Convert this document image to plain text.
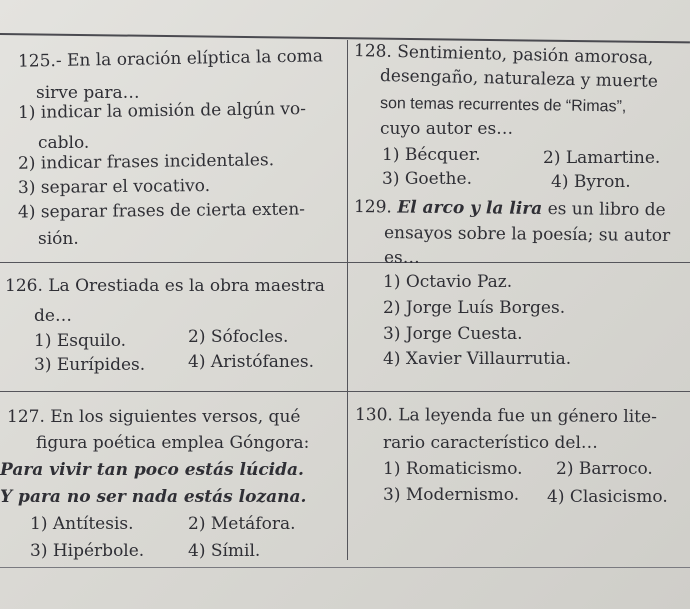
125.- En la oración elíptica la coma
sirve para…
1) indicar la omisión de algún vo-
cablo.
2) indicar frases incidentales.
3) separar el vocativo.
4) separar frases de cierta exten-
sión.
126. La Orestiada es la obra maestra
de…
1) Esquilo.	2) Sófocles.
3) Eurípides.	4) Aristófanes.
127. En los siguientes versos, qué
figura poética emplea Góngora:
Para vivir tan poco estás lúcida.
Y para no ser nada estás lozana.
1) Antítesis.	2) Metáfora.
3) Hipérbole.	4) Símil.
128. Sentimiento, pasión amorosa,
desengaño, naturaleza y muerte
son temas recurrentes de “Rimas”,
cuyo autor es…
1) Bécquer.	2) Lamartine.
3) Goethe.	4) Byron.
129. El arco y la lira es un libro de
ensayos sobre la poesía; su autor
es…
1) Octavio Paz.
2) Jorge Luís Borges.
3) Jorge Cuesta.
4) Xavier Villaurrutia.
130. La leyenda fue un género lite-
rario característico del…
1) Romaticismo. 2) Barroco.
3) Modernismo. 4) Clasicismo.
